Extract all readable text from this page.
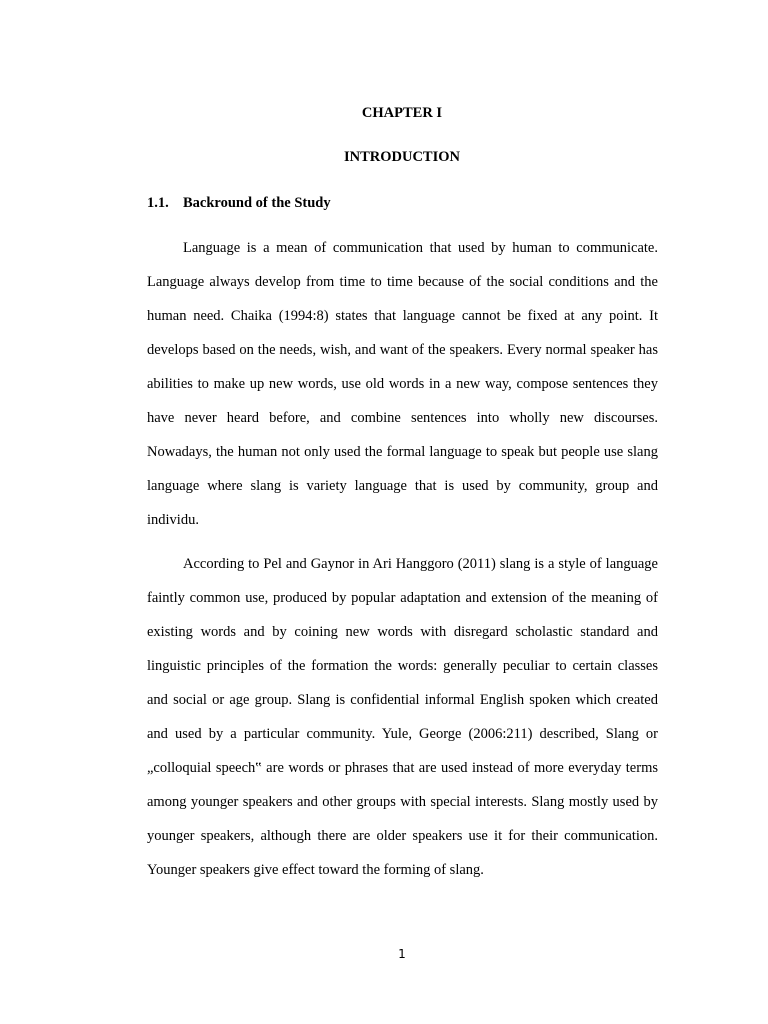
CHAPTER I
INTRODUCTION
1.1. Backround of the Study

Language is a mean of communication that used by human to communicate. Language always develop from time to time because of the social conditions and the human need. Chaika (1994:8) states that language cannot be fixed at any point. It develops based on the needs, wish, and want of the speakers. Every normal speaker has abilities to make up new words, use old words in a new way, compose sentences they have never heard before, and combine sentences into wholly new discourses. Nowadays, the human not only used the formal language to speak but people use slang language where slang is variety language that is used by community, group and individu.

According to Pel and Gaynor in Ari Hanggoro (2011) slang is a style of language faintly common use, produced by popular adaptation and extension of the meaning of existing words and by coining new words with disregard scholastic standard and linguistic principles of the formation the words: generally peculiar to certain classes and social or age group. Slang is confidential informal English spoken which created and used by a particular community. Yule, George (2006:211) described, Slang or „colloquial speech‟ are words or phrases that are used instead of more everyday terms among younger speakers and other groups with special interests. Slang mostly used by younger speakers, although there are older speakers use it for their communication. Younger speakers give effect toward the forming of slang.

1
